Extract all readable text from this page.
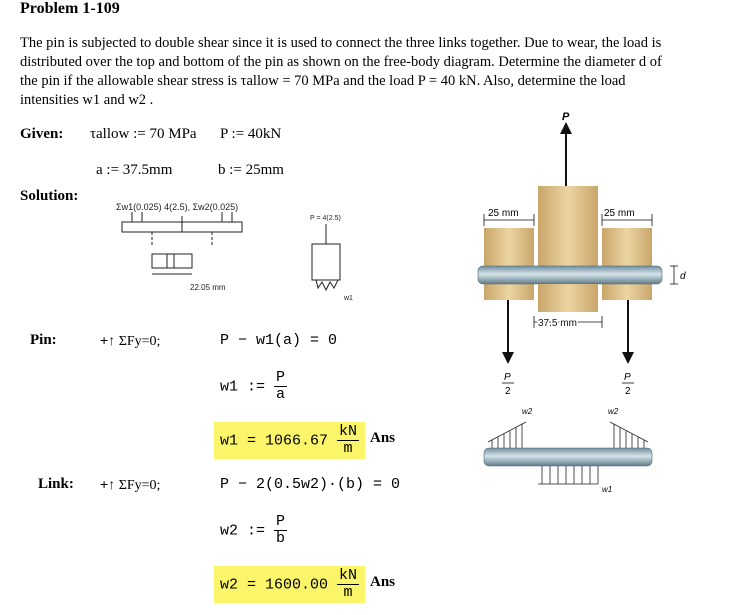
Problem 1-109
The pin is subjected to double shear since it is used to connect the three links together. Due to wear, the load is distributed over the top and bottom of the pin as shown on the free-body diagram. Determine the diameter d of the pin if the allowable shear stress is τallow = 70 MPa and the load P = 40 kN. Also, determine the load intensities w1 and w2 .
Given: τallow := 70 MPa P := 40kN
a := 37.5mm	b := 25mm
Solution:
Σw1(0.025) 4(2.5), Σw2(0.025)
22.05 mm
P = 4(2.5)
w1
Pin:	+↑ ΣFy=0;	P − w1(a) = 0
w1 := $\frac{P}{a}$
$w1 = 1066.67 \frac{kN}{m}$ Ans
Link: +↑ ΣFy=0;	P − 2(0.5w2)·(b) = 0
w2 := $\frac{P}{b}$
$w2 = 1600.00 \frac{kN}{m}$ Ans
P
25 mm	25 mm
d
37.5 mm
P
2
P
2
w2	w2
w1
